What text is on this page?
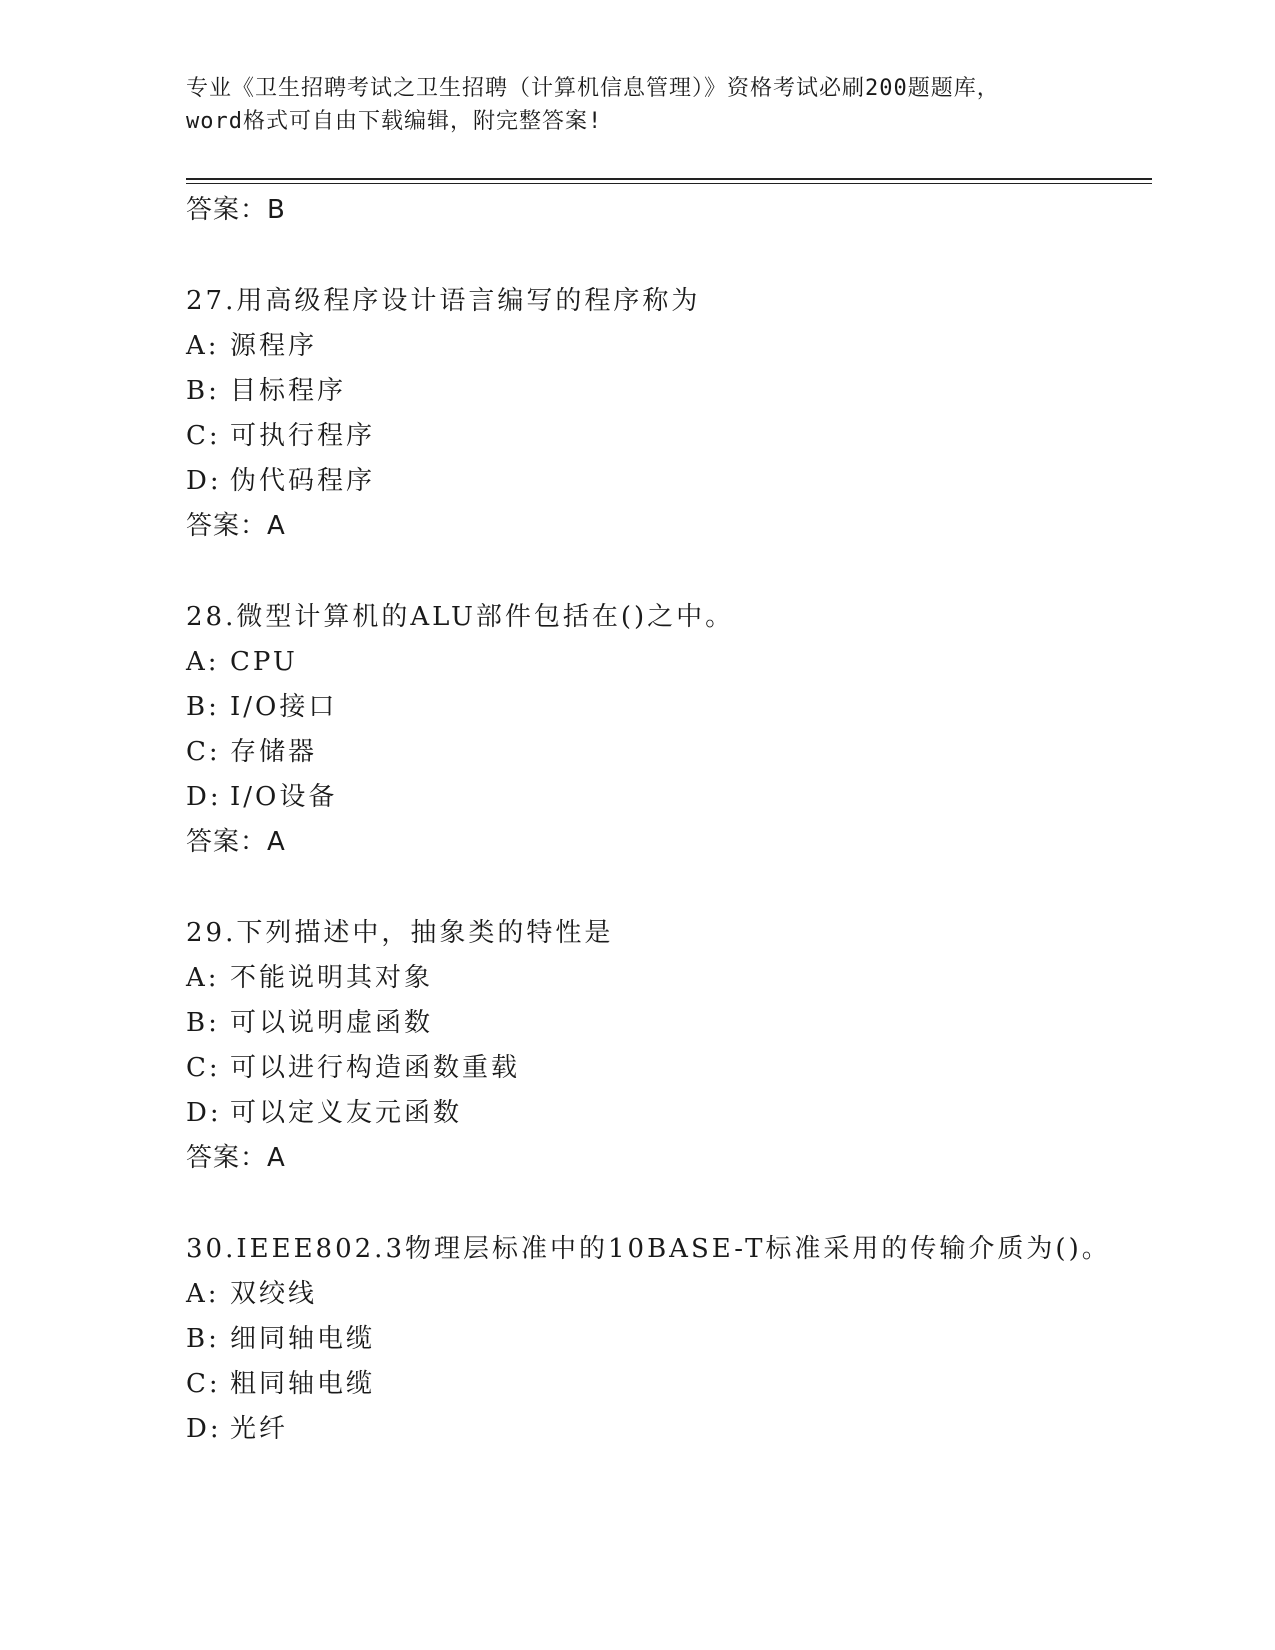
专业《卫生招聘考试之卫生招聘（计算机信息管理）》资格考试必刷200题题库，
word格式可自由下载编辑，附完整答案!
答案：B
27.用高级程序设计语言编写的程序称为
A: 源程序
B: 目标程序
C: 可执行程序
D: 伪代码程序
答案：A
28.微型计算机的ALU部件包括在()之中。
A: CPU
B: I/O接口
C: 存储器
D: I/O设备
答案：A
29.下列描述中，抽象类的特性是
A: 不能说明其对象
B: 可以说明虚函数
C: 可以进行构造函数重载
D: 可以定义友元函数
答案：A
30.IEEE802.3物理层标准中的10BASE-T标准采用的传输介质为()。
A: 双绞线
B: 细同轴电缆
C: 粗同轴电缆
D: 光纤
